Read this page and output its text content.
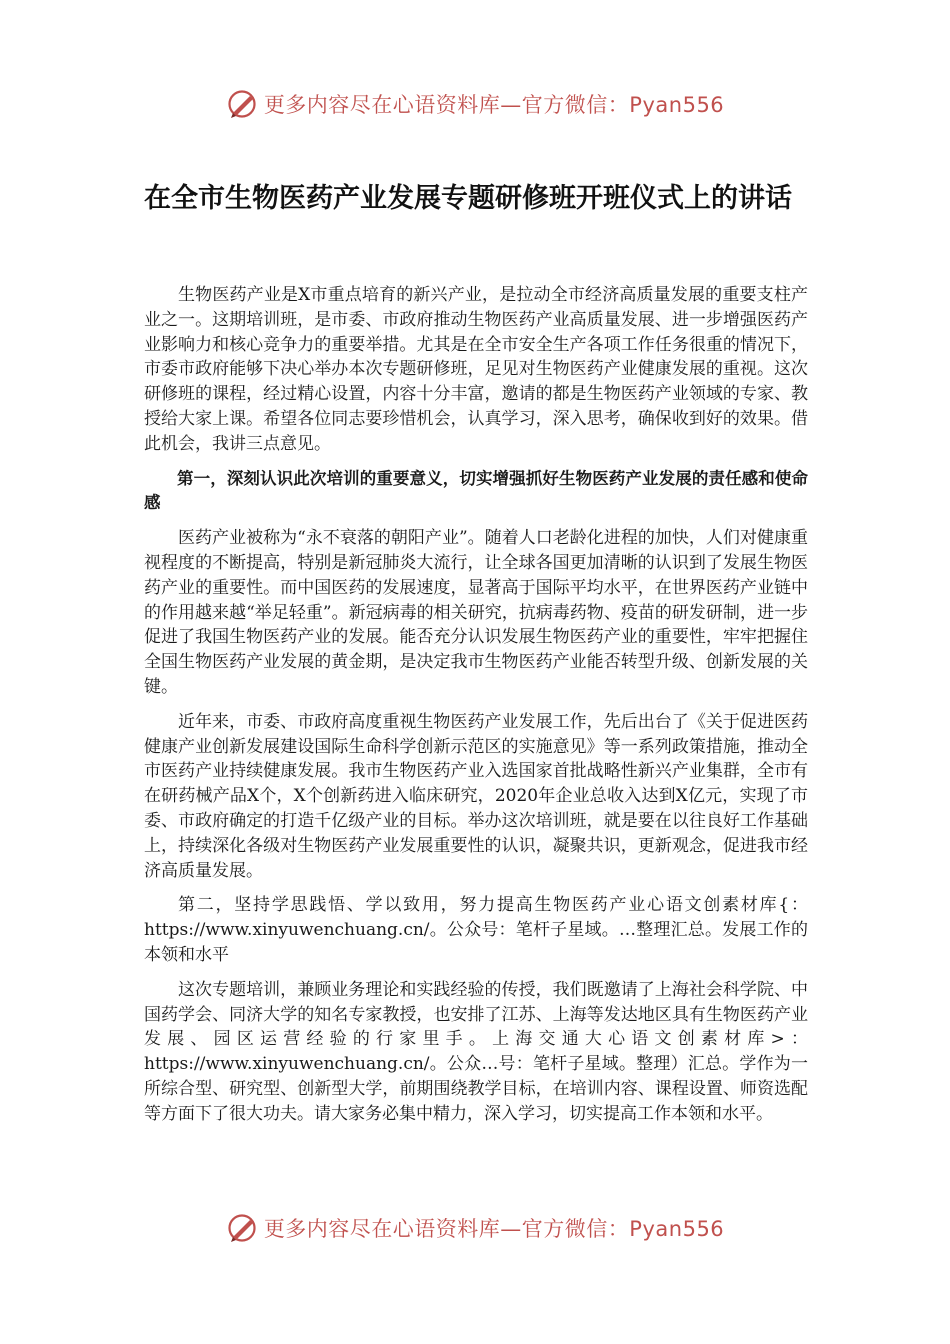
更多内容尽在心语资料库—官方微信：Pyan556
在全市生物医药产业发展专题研修班开班仪式上的讲话

生物医药产业是X市重点培育的新兴产业，是拉动全市经济高质量发展的重要支柱产业之一。这期培训班，是市委、市政府推动生物医药产业高质量发展、进一步增强医药产业影响力和核心竞争力的重要举措。尤其是在全市安全生产各项工作任务很重的情况下，市委市政府能够下决心举办本次专题研修班，足见对生物医药产业健康发展的重视。这次研修班的课程，经过精心设置，内容十分丰富，邀请的都是生物医药产业领域的专家、教授给大家上课。希望各位同志要珍惜机会，认真学习，深入思考，确保收到好的效果。借此机会，我讲三点意见。

第一，深刻认识此次培训的重要意义，切实增强抓好生物医药产业发展的责任感和使命感

医药产业被称为“永不衰落的朝阳产业”。随着人口老龄化进程的加快，人们对健康重视程度的不断提高，特别是新冠肺炎大流行，让全球各国更加清晰的认识到了发展生物医药产业的重要性。而中国医药的发展速度，显著高于国际平均水平，在世界医药产业链中的作用越来越“举足轻重”。新冠病毒的相关研究，抗病毒药物、疫苗的研发研制，进一步促进了我国生物医药产业的发展。能否充分认识发展生物医药产业的重要性，牢牢把握住全国生物医药产业发展的黄金期，是决定我市生物医药产业能否转型升级、创新发展的关键。

近年来，市委、市政府高度重视生物医药产业发展工作，先后出台了《关于促进医药健康产业创新发展建设国际生命科学创新示范区的实施意见》等一系列政策措施，推动全市医药产业持续健康发展。我市生物医药产业入选国家首批战略性新兴产业集群，全市有在研药械产品X个，X个创新药进入临床研究，2020年企业总收入达到X亿元，实现了市委、市政府确定的打造千亿级产业的目标。举办这次培训班，就是要在以往良好工作基础上，持续深化各级对生物医药产业发展重要性的认识，凝聚共识，更新观念，促进我市经济高质量发展。

第二，坚持学思践悟、学以致用，努力提高生物医药产业心语文创素材库{：https://www.xinyuwenchuang.cn/。公众号：笔杆子星域。…整理汇总。发展工作的本领和水平

这次专题培训，兼顾业务理论和实践经验的传授，我们既邀请了上海社会科学院、中国药学会、同济大学的知名专家教授，也安排了江苏、上海等发达地区具有生物医药产业发展、园区运营经验的行家里手。上海交通大心语文创素材库>：https://www.xinyuwenchuang.cn/。公众…号：笔杆子星域。整理）汇总。学作为一所综合型、研究型、创新型大学，前期围绕教学目标，在培训内容、课程设置、师资选配等方面下了很大功夫。请大家务必集中精力，深入学习，切实提高工作本领和水平。

更多内容尽在心语资料库—官方微信：Pyan556
